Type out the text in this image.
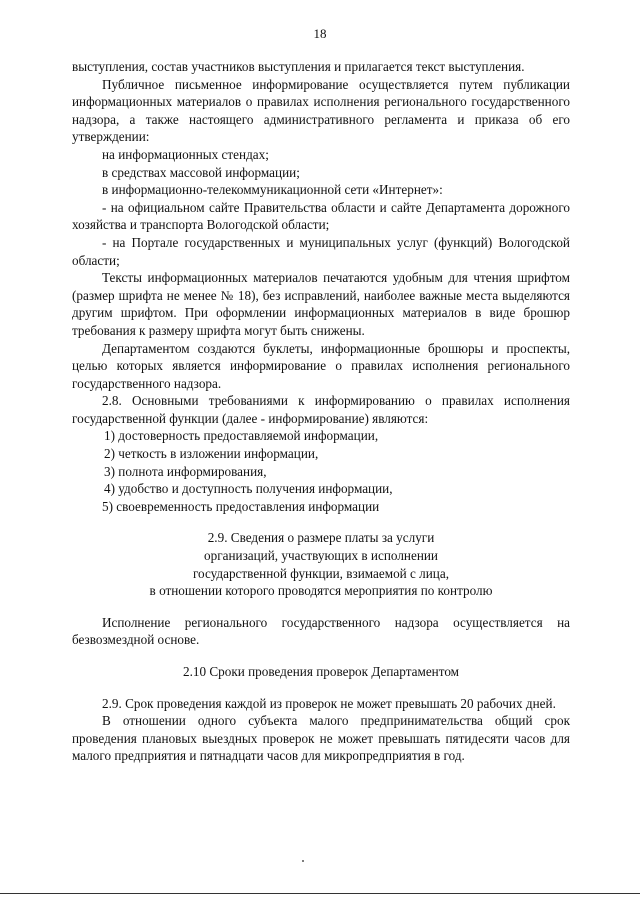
18

выступления, состав участников выступления и прилагается текст выступления.

Публичное письменное информирование осуществляется путем публикации информационных материалов о правилах исполнения регионального государственного надзора, а также настоящего административного регламента и приказа об его утверждении:

на информационных стендах;

в средствах массовой информации;

в информационно-телекоммуникационной сети «Интернет»:

- на официальном сайте Правительства области и сайте Департамента дорожного хозяйства и транспорта Вологодской области;

- на Портале государственных и муниципальных услуг (функций) Вологодской области;

Тексты информационных материалов печатаются удобным для чтения шрифтом (размер шрифта не менее № 18), без исправлений, наиболее важные места выделяются другим шрифтом. При оформлении информационных материалов в виде брошюр требования к размеру шрифта могут быть снижены.

Департаментом создаются буклеты, информационные брошюры и проспекты, целью которых является информирование о правилах исполнения регионального государственного надзора.

2.8. Основными требованиями к информированию о правилах исполнения государственной функции (далее - информирование) являются:

1) достоверность предоставляемой информации,

2) четкость в изложении информации,

3) полнота информирования,

4) удобство и доступность получения информации,

5) своевременность предоставления информации

2.9. Сведения о размере платы за услуги

организаций, участвующих в исполнении

государственной функции, взимаемой с лица,

в отношении которого проводятся мероприятия по контролю

Исполнение регионального государственного надзора осуществляется на безвозмездной основе.

2.10 Сроки проведения проверок Департаментом

2.9. Срок проведения каждой из проверок не может превышать 20 рабочих дней.

В отношении одного субъекта малого предпринимательства общий срок проведения плановых выездных проверок не может превышать пятидесяти часов для малого предприятия и пятнадцати часов для микропредприятия в год.
